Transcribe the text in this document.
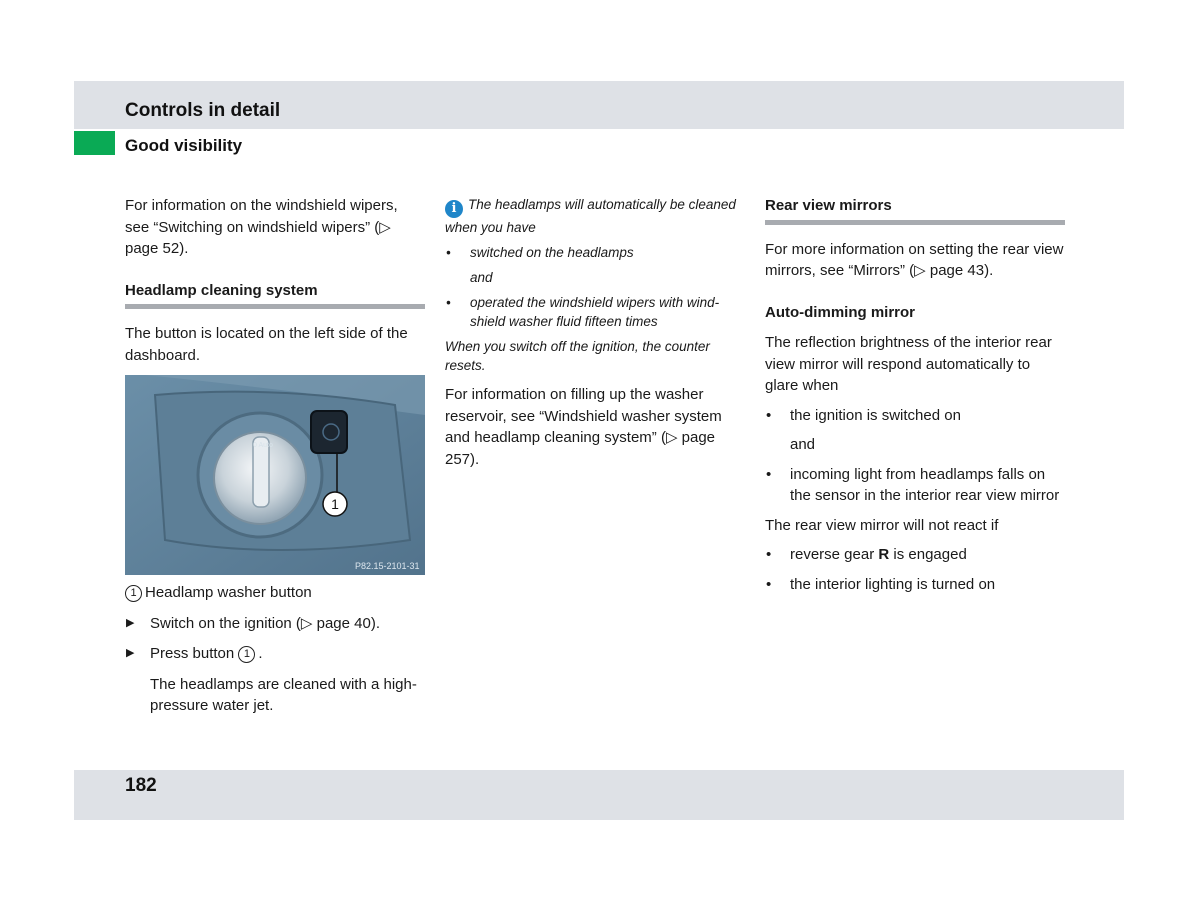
Controls in detail
Good visibility

For information on the windshield wipers, see “Switching on windshield wipers” (▷ page 52).

Headlamp cleaning system

The button is located on the left side of the dashboard.

0 Auto
1
P82.15-2101-31

1 Headlamp washer button

▶ Switch on the ignition (▷ page 40).
▶ Press button 1 .

The headlamps are cleaned with a high-pressure water jet.

i The headlamps will automatically be cleaned when you have

• switched on the headlamps

and

• operated the windshield wipers with wind-shield washer fluid fifteen times

When you switch off the ignition, the counter resets.

For information on filling up the washer reservoir, see “Windshield washer system and headlamp cleaning system” (▷ page 257).

Rear view mirrors

For more information on setting the rear view mirrors, see “Mirrors” (▷ page 43).

Auto-dimming mirror

The reflection brightness of the interior rear view mirror will respond automatically to glare when

• the ignition is switched on

and

• incoming light from headlamps falls on the sensor in the interior rear view mirror

The rear view mirror will not react if

• reverse gear R is engaged
• the interior lighting is turned on
182
